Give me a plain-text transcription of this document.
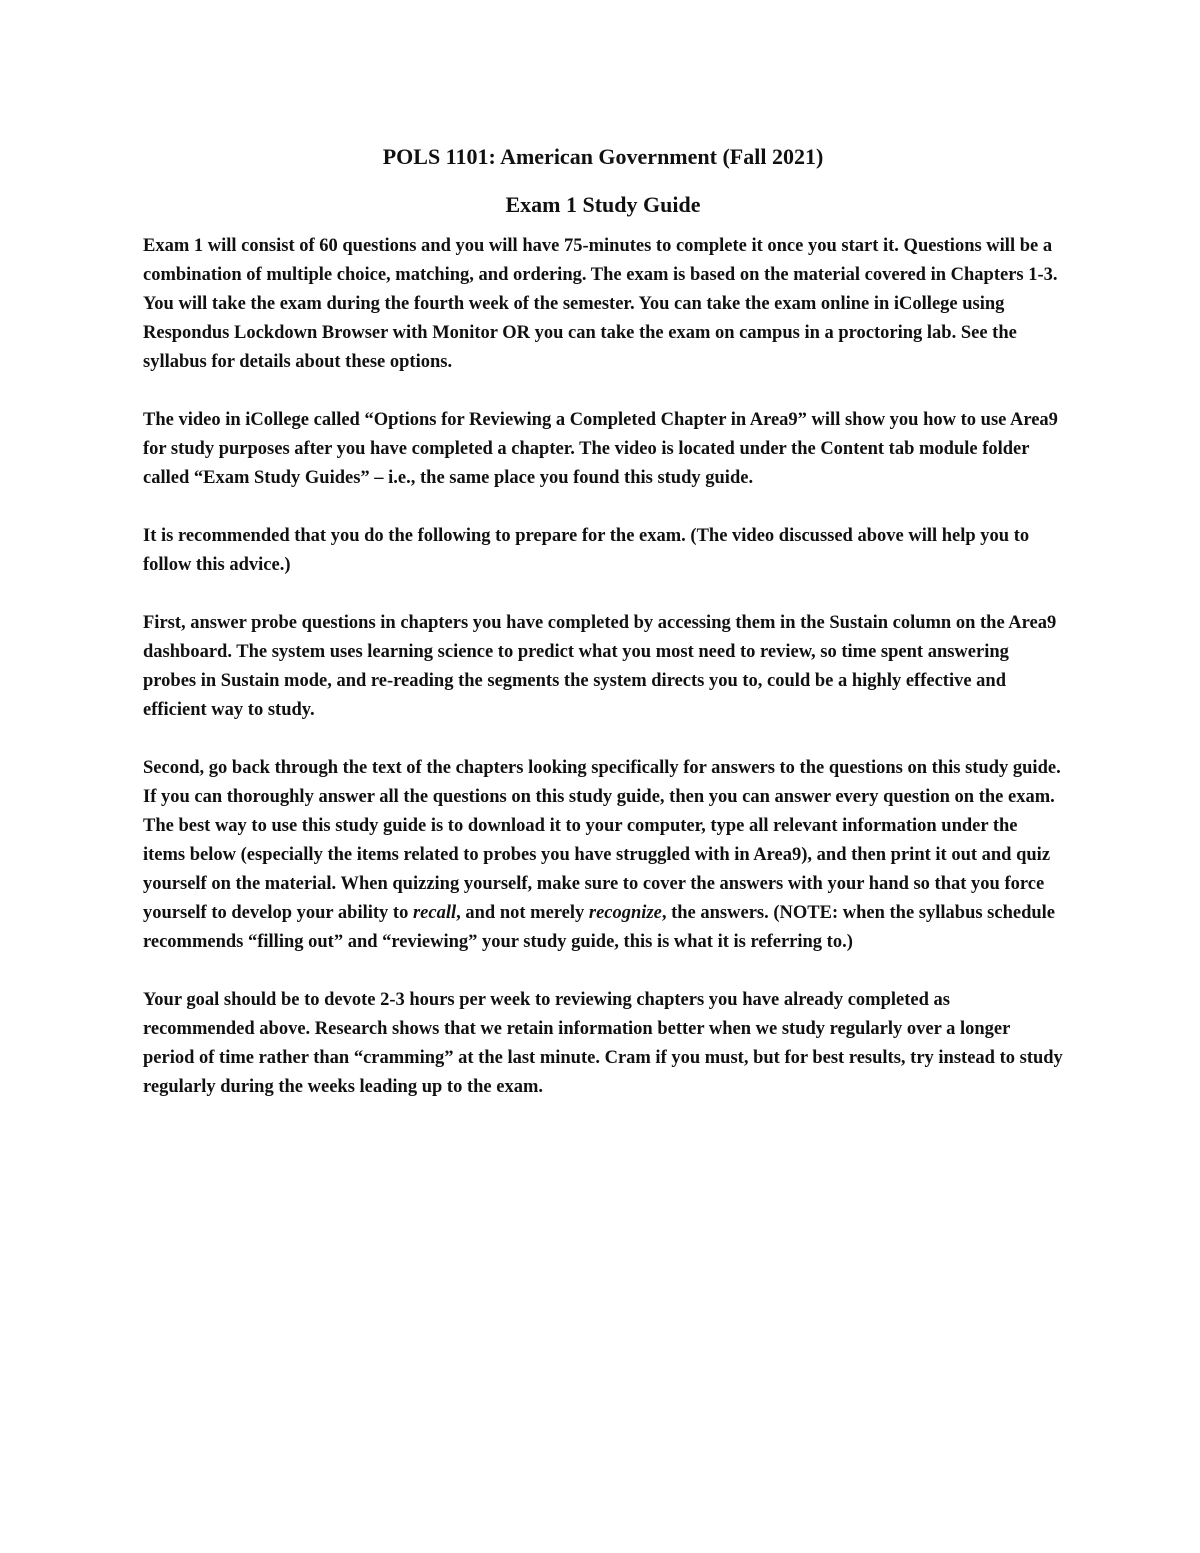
POLS 1101: American Government (Fall 2021)
Exam 1 Study Guide

Exam 1 will consist of 60 questions and you will have 75-minutes to complete it once you start it. Questions will be a combination of multiple choice, matching, and ordering. The exam is based on the material covered in Chapters 1-3. You will take the exam during the fourth week of the semester. You can take the exam online in iCollege using Respondus Lockdown Browser with Monitor OR you can take the exam on campus in a proctoring lab. See the syllabus for details about these options.

The video in iCollege called “Options for Reviewing a Completed Chapter in Area9” will show you how to use Area9 for study purposes after you have completed a chapter. The video is located under the Content tab module folder called “Exam Study Guides” – i.e., the same place you found this study guide.

It is recommended that you do the following to prepare for the exam. (The video discussed above will help you to follow this advice.)

First, answer probe questions in chapters you have completed by accessing them in the Sustain column on the Area9 dashboard. The system uses learning science to predict what you most need to review, so time spent answering probes in Sustain mode, and re-reading the segments the system directs you to, could be a highly effective and efficient way to study.

Second, go back through the text of the chapters looking specifically for answers to the questions on this study guide. If you can thoroughly answer all the questions on this study guide, then you can answer every question on the exam. The best way to use this study guide is to download it to your computer, type all relevant information under the items below (especially the items related to probes you have struggled with in Area9), and then print it out and quiz yourself on the material. When quizzing yourself, make sure to cover the answers with your hand so that you force yourself to develop your ability to recall, and not merely recognize, the answers. (NOTE: when the syllabus schedule recommends “filling out” and “reviewing” your study guide, this is what it is referring to.)

Your goal should be to devote 2-3 hours per week to reviewing chapters you have already completed as recommended above. Research shows that we retain information better when we study regularly over a longer period of time rather than “cramming” at the last minute. Cram if you must, but for best results, try instead to study regularly during the weeks leading up to the exam.
